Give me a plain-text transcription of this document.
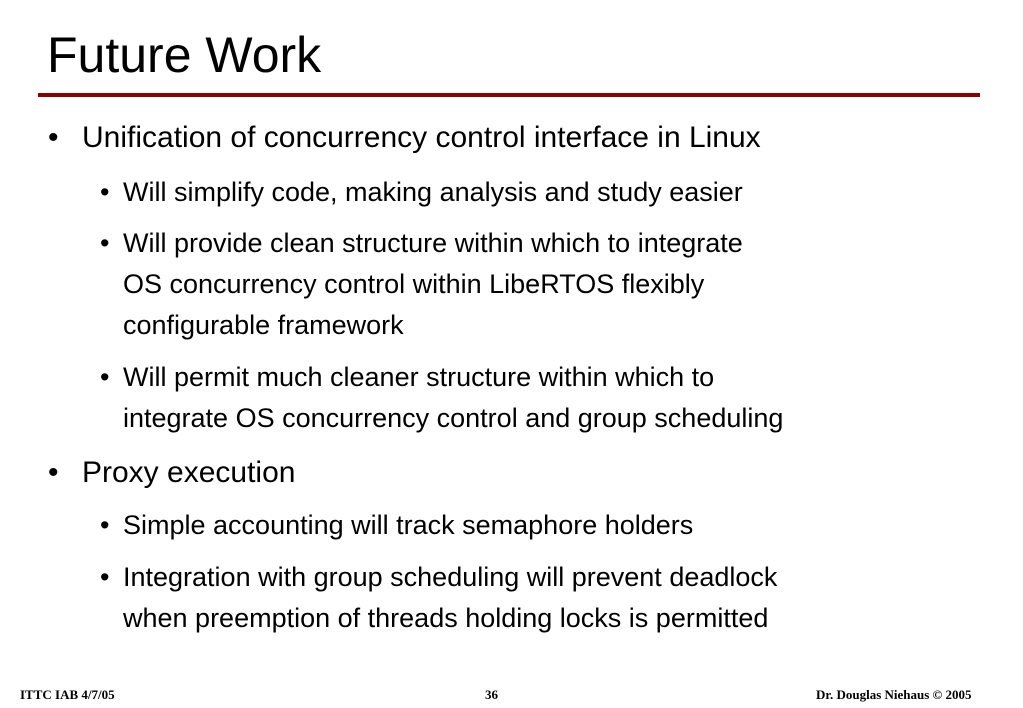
Future Work
• Unification of concurrency control interface in Linux
• Will simplify code, making analysis and study easier
• Will provide clean structure within which to integrate
OS concurrency control within LibeRTOS flexibly
configurable framework
• Will permit much cleaner structure within which to
integrate OS concurrency control and group scheduling
• Proxy execution
• Simple accounting will track semaphore holders
• Integration with group scheduling will prevent deadlock
when preemption of threads holding locks is permitted
ITTC IAB 4/7/05	36	Dr. Douglas Niehaus © 2005
